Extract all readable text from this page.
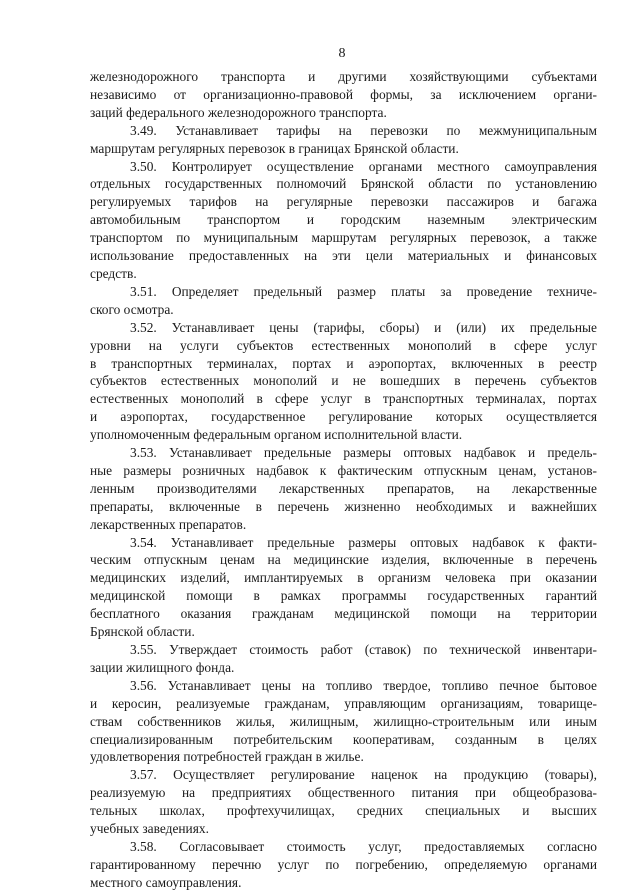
8
железнодорожного транспорта и другими хозяйствующими субъектами
независимо от организационно-правовой формы, за исключением органи-
заций федерального железнодорожного транспорта.
3.49. Устанавливает тарифы на перевозки по межмуниципальным
маршрутам регулярных перевозок в границах Брянской области.
3.50. Контролирует осуществление органами местного самоуправления
отдельных государственных полномочий Брянской области по установлению
регулируемых тарифов на регулярные перевозки пассажиров и багажа
автомобильным транспортом и городским наземным электрическим
транспортом по муниципальным маршрутам регулярных перевозок, а также
использование предоставленных на эти цели материальных и финансовых
средств.
3.51. Определяет предельный размер платы за проведение техниче-
ского осмотра.
3.52. Устанавливает цены (тарифы, сборы) и (или) их предельные
уровни на услуги субъектов естественных монополий в сфере услуг
в транспортных терминалах, портах и аэропортах, включенных в реестр
субъектов естественных монополий и не вошедших в перечень субъектов
естественных монополий в сфере услуг в транспортных терминалах, портах
и аэропортах, государственное регулирование которых осуществляется
уполномоченным федеральным органом исполнительной власти.
3.53. Устанавливает предельные размеры оптовых надбавок и предель-
ные размеры розничных надбавок к фактическим отпускным ценам, установ-
ленным производителями лекарственных препаратов, на лекарственные
препараты, включенные в перечень жизненно необходимых и важнейших
лекарственных препаратов.
3.54. Устанавливает предельные размеры оптовых надбавок к факти-
ческим отпускным ценам на медицинские изделия, включенные в перечень
медицинских изделий, имплантируемых в организм человека при оказании
медицинской помощи в рамках программы государственных гарантий
бесплатного оказания гражданам медицинской помощи на территории
Брянской области.
3.55. Утверждает стоимость работ (ставок) по технической инвентари-
зации жилищного фонда.
3.56. Устанавливает цены на топливо твердое, топливо печное бытовое
и керосин, реализуемые гражданам, управляющим организациям, товарище-
ствам собственников жилья, жилищным, жилищно-строительным или иным
специализированным потребительским кооперативам, созданным в целях
удовлетворения потребностей граждан в жилье.
3.57. Осуществляет регулирование наценок на продукцию (товары),
реализуемую на предприятиях общественного питания при общеобразова-
тельных школах, профтехучилищах, средних специальных и высших
учебных заведениях.
3.58. Согласовывает стоимость услуг, предоставляемых согласно
гарантированному перечню услуг по погребению, определяемую органами
местного самоуправления.
